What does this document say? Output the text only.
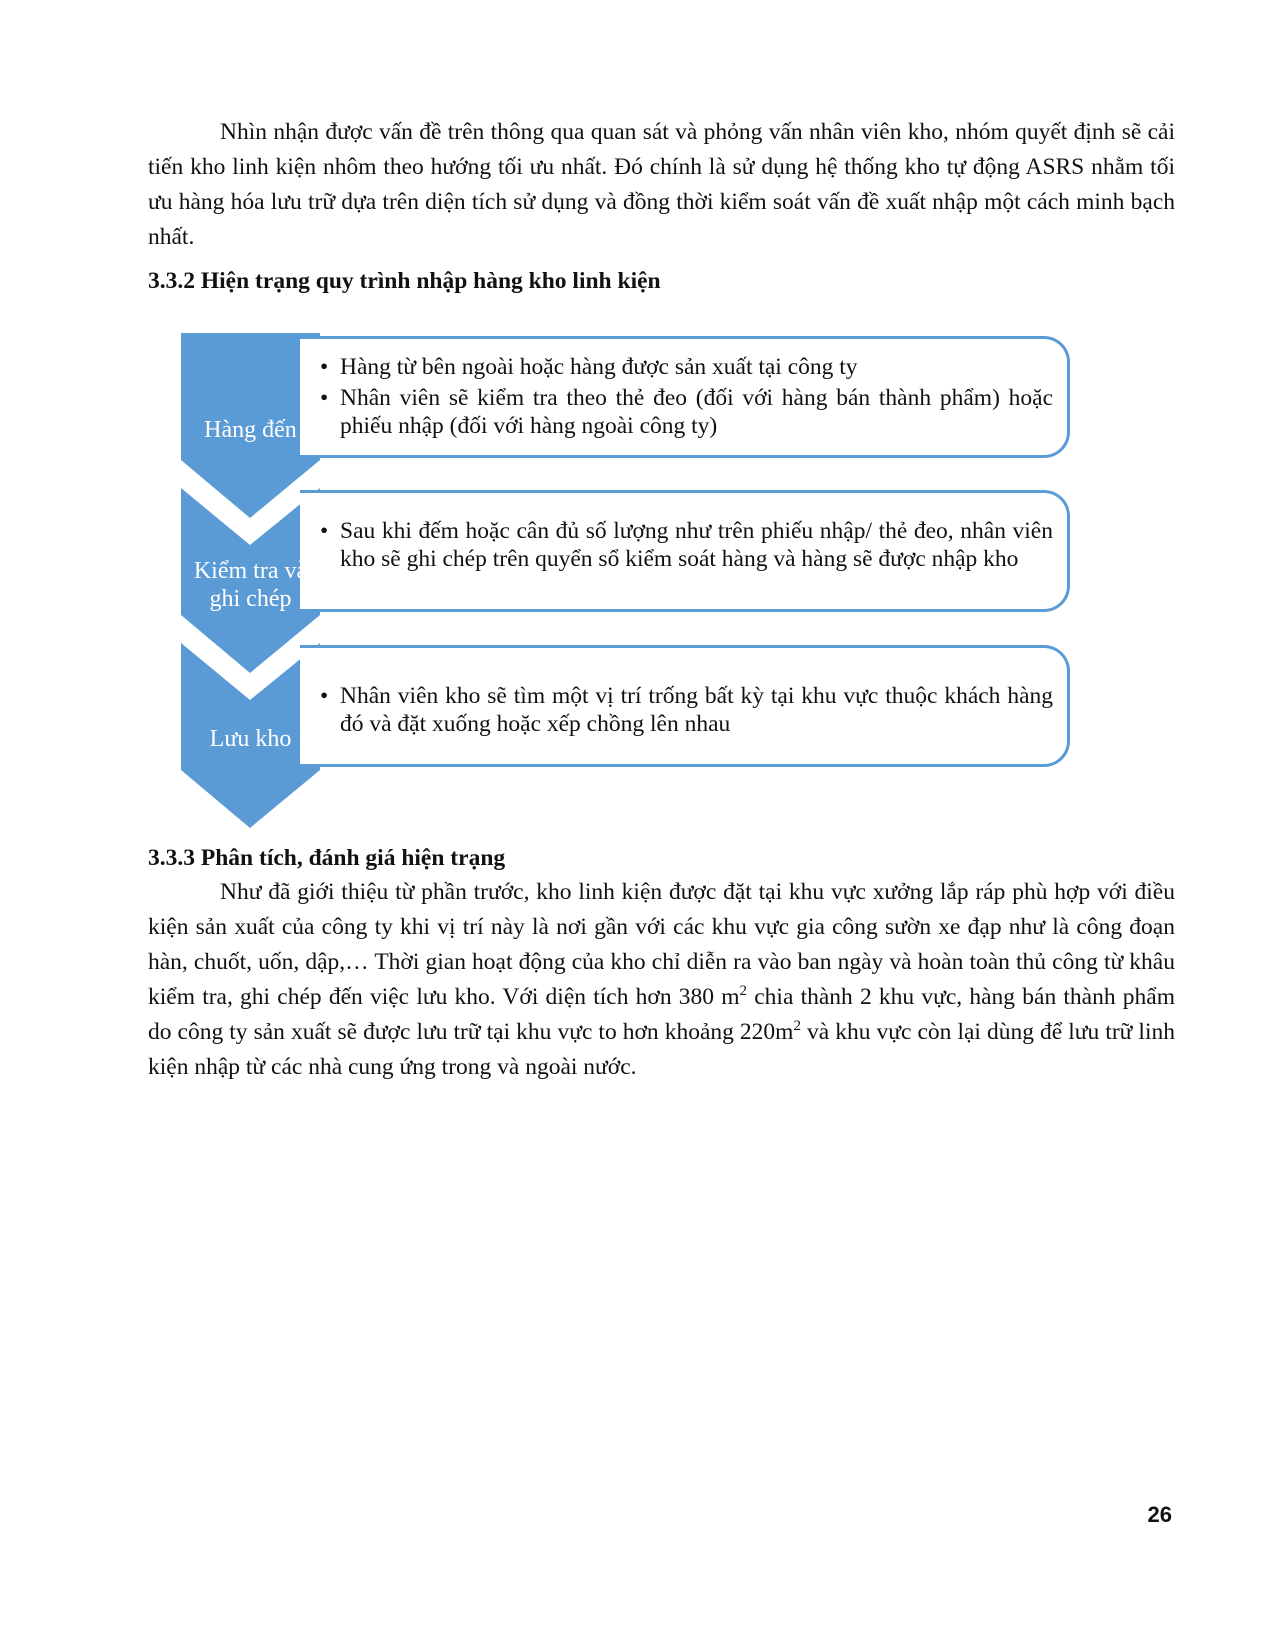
Nhìn nhận được vấn đề trên thông qua quan sát và phỏng vấn nhân viên kho, nhóm quyết định sẽ cải tiến kho linh kiện nhôm theo hướng tối ưu nhất. Đó chính là sử dụng hệ thống kho tự động ASRS nhằm tối ưu hàng hóa lưu trữ dựa trên diện tích sử dụng và đồng thời kiểm soát vấn đề xuất nhập một cách minh bạch nhất.

3.3.2 Hiện trạng quy trình nhập hàng kho linh kiện
• Hàng từ bên ngoài hoặc hàng được sản xuất tại công ty
• Nhân viên sẽ kiểm tra theo thẻ đeo (đối với hàng bán thành phẩm) hoặc phiếu nhập (đối với hàng ngoài công ty)
Hàng đến
• Sau khi đếm hoặc cân đủ số lượng như trên phiếu nhập/ thẻ đeo, nhân viên kho sẽ ghi chép trên quyển sổ kiểm soát hàng và hàng sẽ được nhập kho
Kiểm tra và ghi chép
• Nhân viên kho sẽ tìm một vị trí trống bất kỳ tại khu vực thuộc khách hàng đó và đặt xuống hoặc xếp chồng lên nhau
Lưu kho
3.3.3 Phân tích, đánh giá hiện trạng

Như đã giới thiệu từ phần trước, kho linh kiện được đặt tại khu vực xưởng lắp ráp phù hợp với điều kiện sản xuất của công ty khi vị trí này là nơi gần với các khu vực gia công sườn xe đạp như là công đoạn hàn, chuốt, uốn, dập,… Thời gian hoạt động của kho chỉ diễn ra vào ban ngày và hoàn toàn thủ công từ khâu kiểm tra, ghi chép đến việc lưu kho. Với diện tích hơn 380 $m^2$ chia thành 2 khu vực, hàng bán thành phẩm do công ty sản xuất sẽ được lưu trữ tại khu vực to hơn khoảng $220m^2$ và khu vực còn lại dùng để lưu trữ linh kiện nhập từ các nhà cung ứng trong và ngoài nước.

26
